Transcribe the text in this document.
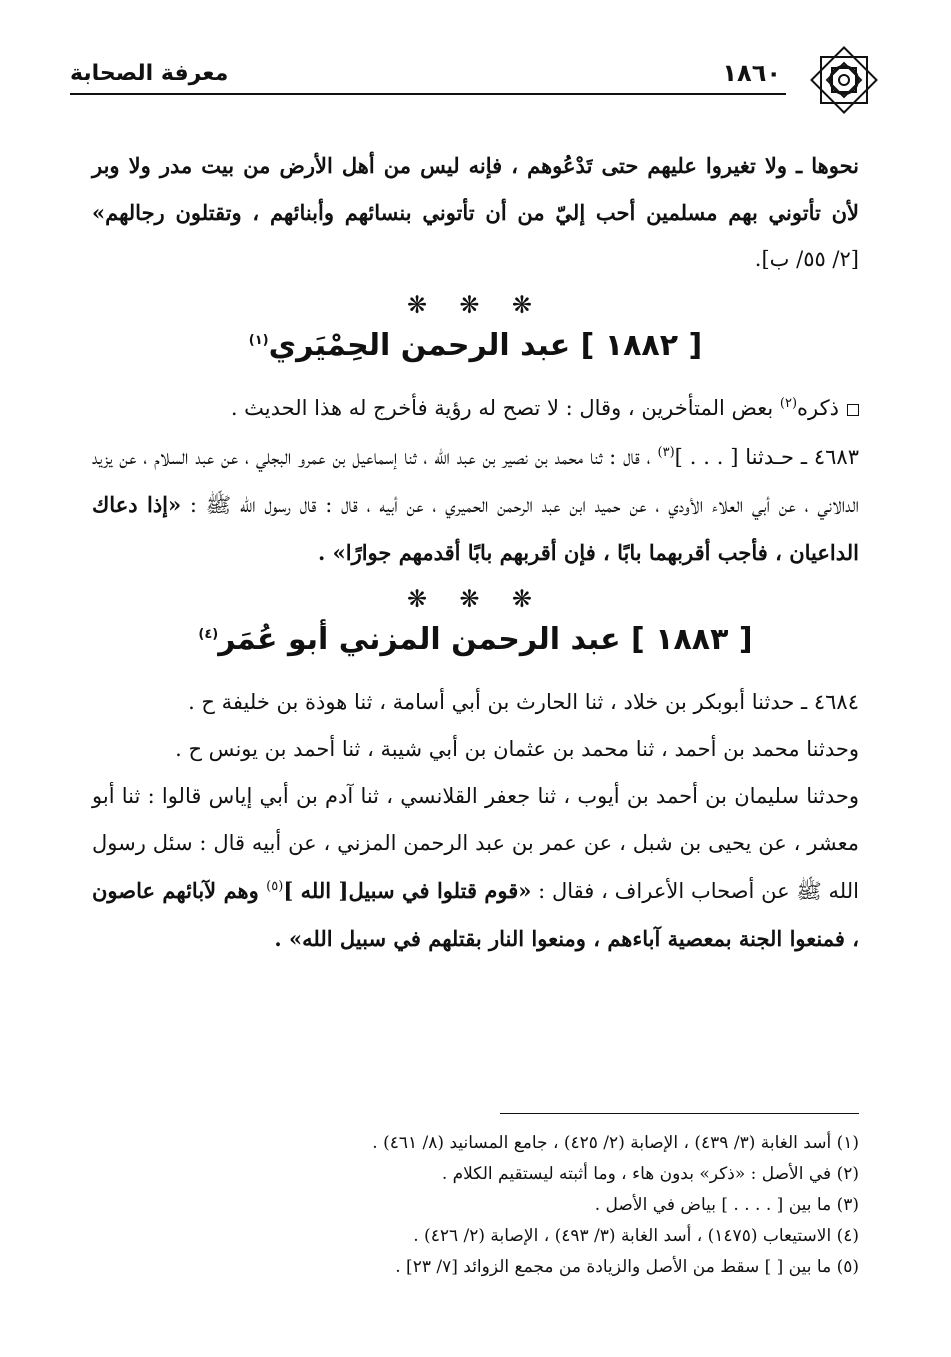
معرفة الصحابة	١٨٦٠

نحوها ـ ولا تغيروا عليهم حتى تَدْعُوهم ، فإنه ليس من أهل الأرض من بيت مدر ولا وبر

لأن تأتوني بهم مسلمين أحب إليّ من أن تأتوني بنسائهم وأبنائهم ، وتقتلون رجالهم»

[٢/ ٥٥/ ب].

❋ ❋ ❋
[ ١٨٨٢ ] عبد الرحمن الحِمْيَري$^{(١)}$

ذكره$^{(٢)}$ بعض المتأخرين ، وقال : لا تصح له رؤية فأخرج له هذا الحديث .

٤٦٨٣ ـ حـدثنا [ . . . ]$^{(٣)}$ ، قال : ثنا محمد بن نصير بن عبد الله ، ثنا إسماعيل بن عمرو البجلي ، عن عبد السلام ، عن يزيد الدالاني ، عن أبي العلاء الأودي ، عن حميد ابن عبد الرحمن الحميري ، عن أبيه ، قال : قال رسول الله ﷺ : «إذا دعاك الداعيان ، فأجب أقربهما بابًا ، فإن أقربهم بابًا أقدمهم جوارًا» .

❋ ❋ ❋
[ ١٨٨٣ ] عبد الرحمن المزني أبو عُمَر$^{(٤)}$

٤٦٨٤ ـ حدثنا أبوبكر بن خلاد ، ثنا الحارث بن أبي أسامة ، ثنا هوذة بن خليفة ح .

وحدثنا محمد بن أحمد ، ثنا محمد بن عثمان بن أبي شيبة ، ثنا أحمد بن يونس ح .

وحدثنا سليمان بن أحمد بن أيوب ، ثنا جعفر القلانسي ، ثنا آدم بن أبي إياس قالوا : ثنا أبو معشر ، عن يحيى بن شبل ، عن عمر بن عبد الرحمن المزني ، عن أبيه قال : سئل رسول الله ﷺ عن أصحاب الأعراف ، فقال : «قوم قتلوا في سبيل[ الله ]$^{(٥)}$ وهم لآبائهم عاصون ، فمنعوا الجنة بمعصية آباءهم ، ومنعوا النار بقتلهم في سبيل الله» .

(١) أسد الغابة (٣/ ٤٣٩) ، الإصابة (٢/ ٤٢٥) ، جامع المسانيد (٨/ ٤٦١) .

(٢) في الأصل : «ذكر» بدون هاء ، وما أثبته ليستقيم الكلام .

(٣) ما بين [ . . . . ] بياض في الأصل .

(٤) الاستيعاب (١٤٧٥) ، أسد الغابة (٣/ ٤٩٣) ، الإصابة (٢/ ٤٢٦) .

(٥) ما بين [ ] سقط من الأصل والزيادة من مجمع الزوائد [٧/ ٢٣] .
